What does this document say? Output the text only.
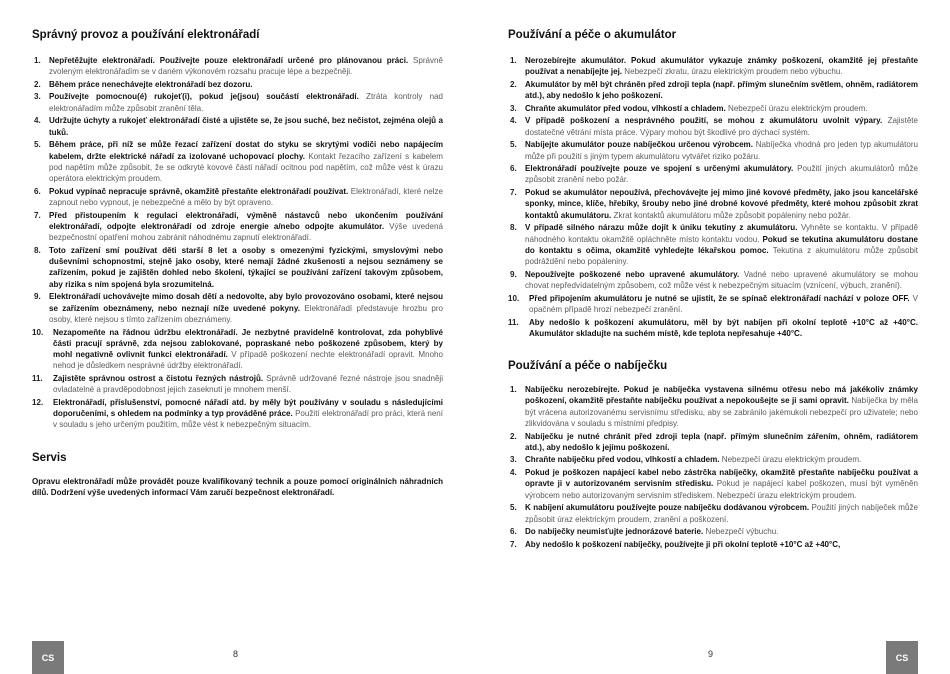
Správný provoz a používání elektronářadí
1. Nepřetěžujte elektronářadí. Používejte pouze elektronářadí určené pro plánovanou práci. Správně zvoleným elektronářadím se v daném výkonovém rozsahu pracuje lépe a bezpečněji.
2. Během práce nenechávejte elektronářadí bez dozoru.
3. Používejte pomocnou(é) rukojeť(i), pokud je(jsou) součástí elektronářadí. Ztráta kontroly nad elektronářadím může způsobit zranění těla.
4. Udržujte úchyty a rukojeť elektronářadí čisté a ujistěte se, že jsou suché, bez nečistot, zejména olejů a tuků.
5. Během práce, při níž se může řezací zařízení dostat do styku se skrytými vodiči nebo napájecím kabelem, držte elektrické nářadí za izolované uchopovací plochy. Kontakt řezacího zařízení s kabelem pod napětím může způsobit, že se odkryté kovové části nářadí ocitnou pod napětím, což může vést k úrazu operátora elektrickým proudem.
6. Pokud vypínač nepracuje správně, okamžitě přestaňte elektronářadí používat. Elektronářadí, které nelze zapnout nebo vypnout, je nebezpečné a mělo by být opraveno.
7. Před přistoupením k regulaci elektronářadí, výměně nástavců nebo ukončením používání elektronářadí, odpojte elektronářadí od zdroje energie a/nebo odpojte akumulátor. Výše uvedená bezpečnostní opatření mohou zabránit náhodnému zapnutí elektronářadí.
8. Toto zařízení smí používat děti starší 8 let a osoby s omezenými fyzickými, smyslovými nebo duševními schopnostmi, stejně jako osoby, které nemají žádné zkušenosti a nejsou seznámeny se zařízením, pokud je zajištěn dohled nebo školení, týkající se používání zařízení takovým způsobem, aby rizika s ním spojená byla srozumitelná.
9. Elektronářadí uchovávejte mimo dosah dětí a nedovolte, aby bylo provozováno osobami, které nejsou se zařízením obeznámeny, nebo neznají níže uvedené pokyny. Elektronářadí představuje hrozbu pro osoby, které nejsou s tímto zařízením obeznámeny.
10. Nezapomeňte na řádnou údržbu elektronářadí. Je nezbytné pravidelně kontrolovat, zda pohyblivé části pracují správně, zda nejsou zablokované, popraskané nebo poškozené způsobem, který by mohl negativně ovlivnit funkci elektronářadí. V případě poškození nechte elektronářadí opravit. Mnoho nehod je důsledkem nesprávné údržby elektronářadí.
11. Zajistěte správnou ostrost a čistotu řezných nástrojů. Správně udržované řezné nástroje jsou snadněji ovladatelné a pravděpodobnost jejich zaseknutí je mnohem menší.
12. Elektronářadí, příslušenství, pomocné nářadí atd. by měly být používány v souladu s následujícími doporučeními, s ohledem na podmínky a typ prováděné práce. Použití elektronářadí pro práci, která není v souladu s jeho určeným použitím, může vést k nebezpečným situacím.
Servis

Opravu elektronářadí může provádět pouze kvalifikovaný technik a pouze pomocí originálních náhradních dílů. Dodržení výše uvedených informací Vám zaručí bezpečnost elektronářadí.

CS	8
Používání a péče o akumulátor
1. Nerozebírejte akumulátor. Pokud akumulátor vykazuje známky poškození, okamžitě jej přestaňte používat a nenabíjejte jej. Nebezpečí zkratu, úrazu elektrickým proudem nebo výbuchu.
2. Akumulátor by měl být chráněn před zdroji tepla (např. přímým slunečním světlem, ohněm, radiátorem atd.), aby nedošlo k jeho poškození.
3. Chraňte akumulátor před vodou, vlhkostí a chladem. Nebezpečí úrazu elektrickým proudem.
4. V případě poškození a nesprávného použití, se mohou z akumulátoru uvolnit výpary. Zajistěte dostatečné větrání místa práce. Výpary mohou být škodlivé pro dýchací systém.
5. Nabíjejte akumulátor pouze nabíječkou určenou výrobcem. Nabíječka vhodná pro jeden typ akumulátoru může při použití s jiným typem akumulátoru vytvářet riziko požáru.
6. Elektronářadí používejte pouze ve spojení s určenými akumulátory. Použití jiných akumulátorů může způsobit zranění nebo požár.
7. Pokud se akumulátor nepoužívá, přechovávejte jej mimo jiné kovové předměty, jako jsou kancelářské sponky, mince, klíče, hřebíky, šrouby nebo jiné drobné kovové předměty, které mohou způsobit zkrat kontaktů akumulátoru. Zkrat kontaktů akumulátoru může způsobit popáleniny nebo požár.
8. V případě silného nárazu může dojít k úniku tekutiny z akumulátoru. Vyhněte se kontaktu. V případě náhodného kontaktu okamžitě opláchněte místo kontaktu vodou. Pokud se tekutina akumulátoru dostane do kontaktu s očima, okamžitě vyhledejte lékařskou pomoc. Tekutina z akumulátoru může způsobit podráždění nebo popáleniny.
9. Nepoužívejte poškozené nebo upravené akumulátory. Vadné nebo upravené akumulátory se mohou chovat nepředvídatelným způsobem, což může vést k nebezpečným situacím (vznícení, výbuch, zranění).
10. Před připojením akumulátoru je nutné se ujistit, že se spínač elektronářadí nachází v poloze OFF. V opačném případě hrozí nebezpečí zranění.
11. Aby nedošlo k poškození akumulátoru, měl by být nabíjen při okolní teplotě +10°C až +40°C. Akumulátor skladujte na suchém místě, kde teplota nepřesahuje +40°C.
Používání a péče o nabíječku
1. Nabíječku nerozebírejte. Pokud je nabíječka vystavena silnému otřesu nebo má jakékoliv známky poškození, okamžitě přestaňte nabíječku používat a nepokoušejte se ji sami opravit. Nabíječka by měla být vrácena autorizovanému servisnímu středisku, aby se zabránilo jakémukoli nebezpečí pro uživatele; nebo zlikvidována v souladu s místními předpisy.
2. Nabíječku je nutné chránit před zdroji tepla (např. přímým slunečním zářením, ohněm, radiátorem atd.), aby nedošlo k jejímu poškození.
3. Chraňte nabíječku před vodou, vlhkostí a chladem. Nebezpečí úrazu elektrickým proudem.
4. Pokud je poškozen napájecí kabel nebo zástrčka nabíječky, okamžitě přestaňte nabíječku používat a opravte ji v autorizovaném servisním středisku. Pokud je napájecí kabel poškozen, musí být vyměněn výrobcem nebo autorizovaným servisním střediskem. Nebezpečí úrazu elektrickým proudem.
5. K nabíjení akumulátoru používejte pouze nabíječku dodávanou výrobcem. Použití jiných nabíječek může způsobit úraz elektrickým proudem, zranění a poškození.
6. Do nabíječky neumisťujte jednorázové baterie. Nebezpečí výbuchu.
7. Aby nedošlo k poškození nabíječky, používejte ji při okolní teplotě +10°C až +40°C,
9	CS
